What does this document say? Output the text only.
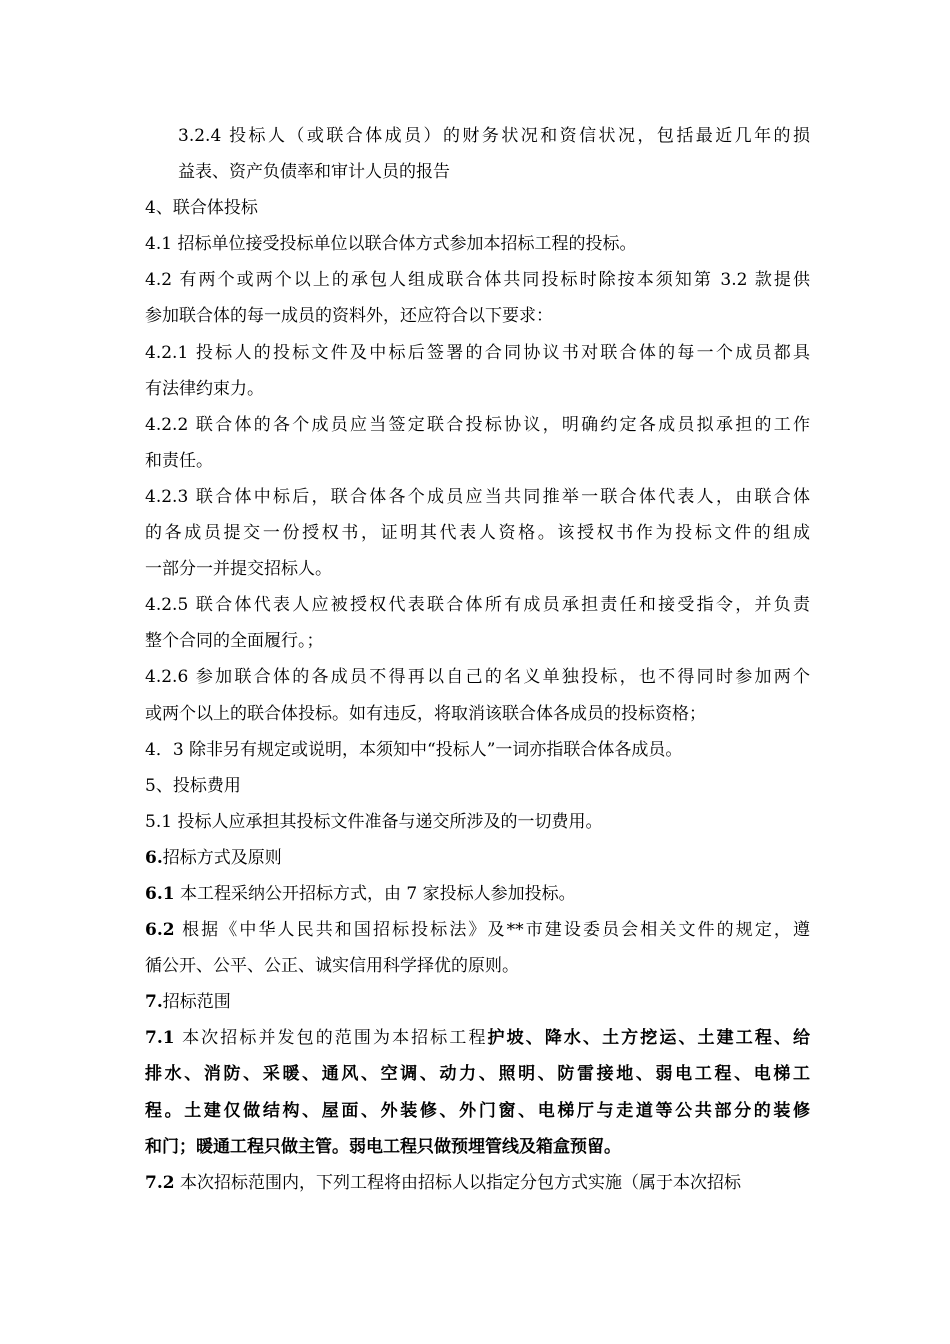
3.2.4 投标人（或联合体成员）的财务状况和资信状况，包括最近几年的损
益表、资产负债率和审计人员的报告
4、联合体投标
4.1 招标单位接受投标单位以联合体方式参加本招标工程的投标。
4.2 有两个或两个以上的承包人组成联合体共同投标时除按本须知第 3.2 款提供
参加联合体的每一成员的资料外，还应符合以下要求：
4.2.1 投标人的投标文件及中标后签署的合同协议书对联合体的每一个成员都具
有法律约束力。
4.2.2 联合体的各个成员应当签定联合投标协议，明确约定各成员拟承担的工作
和责任。
4.2.3 联合体中标后，联合体各个成员应当共同推举一联合体代表人，由联合体
的各成员提交一份授权书，证明其代表人资格。该授权书作为投标文件的组成
一部分一并提交招标人。
4.2.5 联合体代表人应被授权代表联合体所有成员承担责任和接受指令，并负责
整个合同的全面履行。；
4.2.6 参加联合体的各成员不得再以自己的名义单独投标，也不得同时参加两个
或两个以上的联合体投标。如有违反，将取消该联合体各成员的投标资格；
4．3 除非另有规定或说明，本须知中“投标人”一词亦指联合体各成员。
5、投标费用
5.1 投标人应承担其投标文件准备与递交所涉及的一切费用。
6.招标方式及原则
6.1 本工程采纳公开招标方式，由 7 家投标人参加投标。
6.2 根据《中华人民共和国招标投标法》及**市建设委员会相关文件的规定，遵
循公开、公平、公正、诚实信用科学择优的原则。
7.招标范围
7.1 本次招标并发包的范围为本招标工程护坡、降水、土方挖运、土建工程、给
排水、消防、采暖、通风、空调、动力、照明、防雷接地、弱电工程、电梯工
程。土建仅做结构、屋面、外装修、外门窗、电梯厅与走道等公共部分的装修
和门；暖通工程只做主管。弱电工程只做预埋管线及箱盒预留。
7.2 本次招标范围内，下列工程将由招标人以指定分包方式实施（属于本次招标
